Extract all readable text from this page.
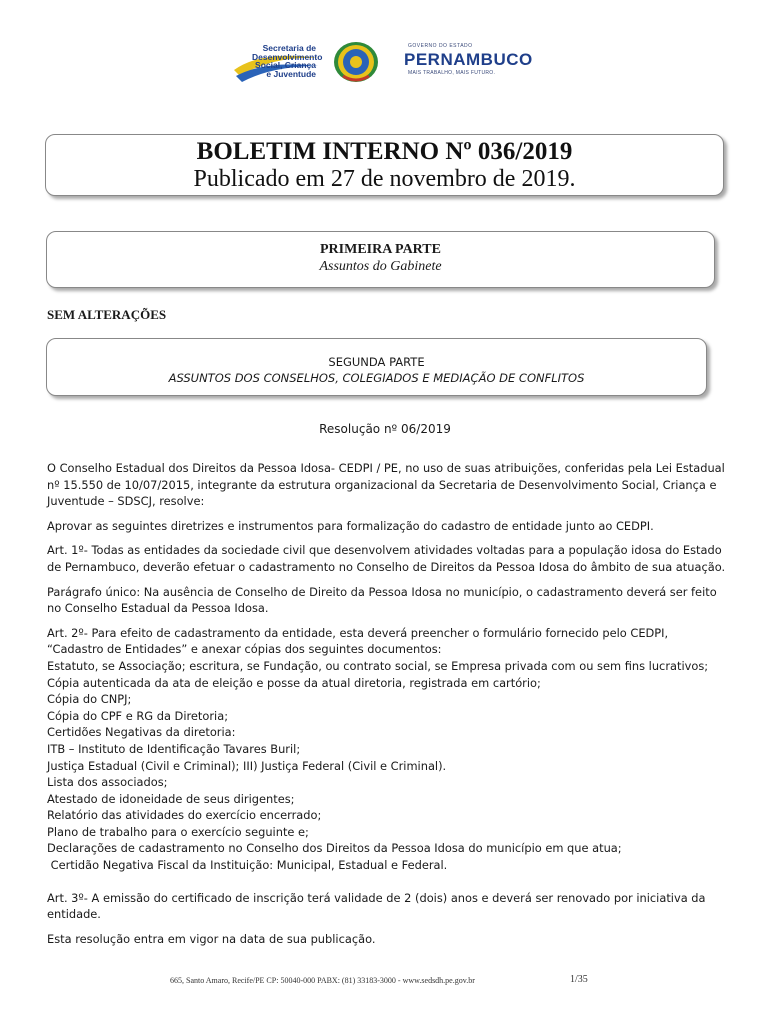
Secretaria de
Desenvolvimento
Social, Criança
e Juventude
GOVERNO DO ESTADO
PERNAMBUCO
MAIS TRABALHO, MAIS FUTURO.
BOLETIM INTERNO Nº 036/2019
Publicado em 27 de novembro de 2019.
PRIMEIRA PARTE
Assuntos do Gabinete
SEM ALTERAÇÕES
SEGUNDA PARTE
ASSUNTOS DOS CONSELHOS, COLEGIADOS E MEDIAÇÃO DE CONFLITOS
Resolução nº 06/2019

O Conselho Estadual dos Direitos da Pessoa Idosa- CEDPI / PE, no uso de suas atribuições, conferidas pela Lei Estadual nº 15.550 de 10/07/2015, integrante da estrutura organizacional da Secretaria de Desenvolvimento Social, Criança e Juventude – SDSCJ, resolve:

Aprovar as seguintes diretrizes e instrumentos para formalização do cadastro de entidade junto ao CEDPI.

Art. 1º- Todas as entidades da sociedade civil que desenvolvem atividades voltadas para a população idosa do Estado de Pernambuco, deverão efetuar o cadastramento no Conselho de Direitos da Pessoa Idosa do âmbito de sua atuação.

Parágrafo único: Na ausência de Conselho de Direito da Pessoa Idosa no município, o cadastramento deverá ser feito no Conselho Estadual da Pessoa Idosa.

Art. 2º- Para efeito de cadastramento da entidade, esta deverá preencher o formulário fornecido pelo CEDPI,
“Cadastro de Entidades” e anexar cópias dos seguintes documentos:
Estatuto, se Associação; escritura, se Fundação, ou contrato social, se Empresa privada com ou sem fins lucrativos;
Cópia autenticada da ata de eleição e posse da atual diretoria, registrada em cartório;
Cópia do CNPJ;
Cópia do CPF e RG da Diretoria;
Certidões Negativas da diretoria:
ITB – Instituto de Identificação Tavares Buril;
Justiça Estadual (Civil e Criminal); III) Justiça Federal (Civil e Criminal).
Lista dos associados;
Atestado de idoneidade de seus dirigentes;
Relatório das atividades do exercício encerrado;
Plano de trabalho para o exercício seguinte e;
Declarações de cadastramento no Conselho dos Direitos da Pessoa Idosa do município em que atua;
Certidão Negativa Fiscal da Instituição: Municipal, Estadual e Federal.

Art. 3º- A emissão do certificado de inscrição terá validade de 2 (dois) anos e deverá ser renovado por iniciativa da entidade.

Esta resolução entra em vigor na data de sua publicação.

665, Santo Amaro, Recife/PE CP: 50040-000 PABX: (81) 33183-3000 - www.sedsdh.pe.gov.br	1/35
